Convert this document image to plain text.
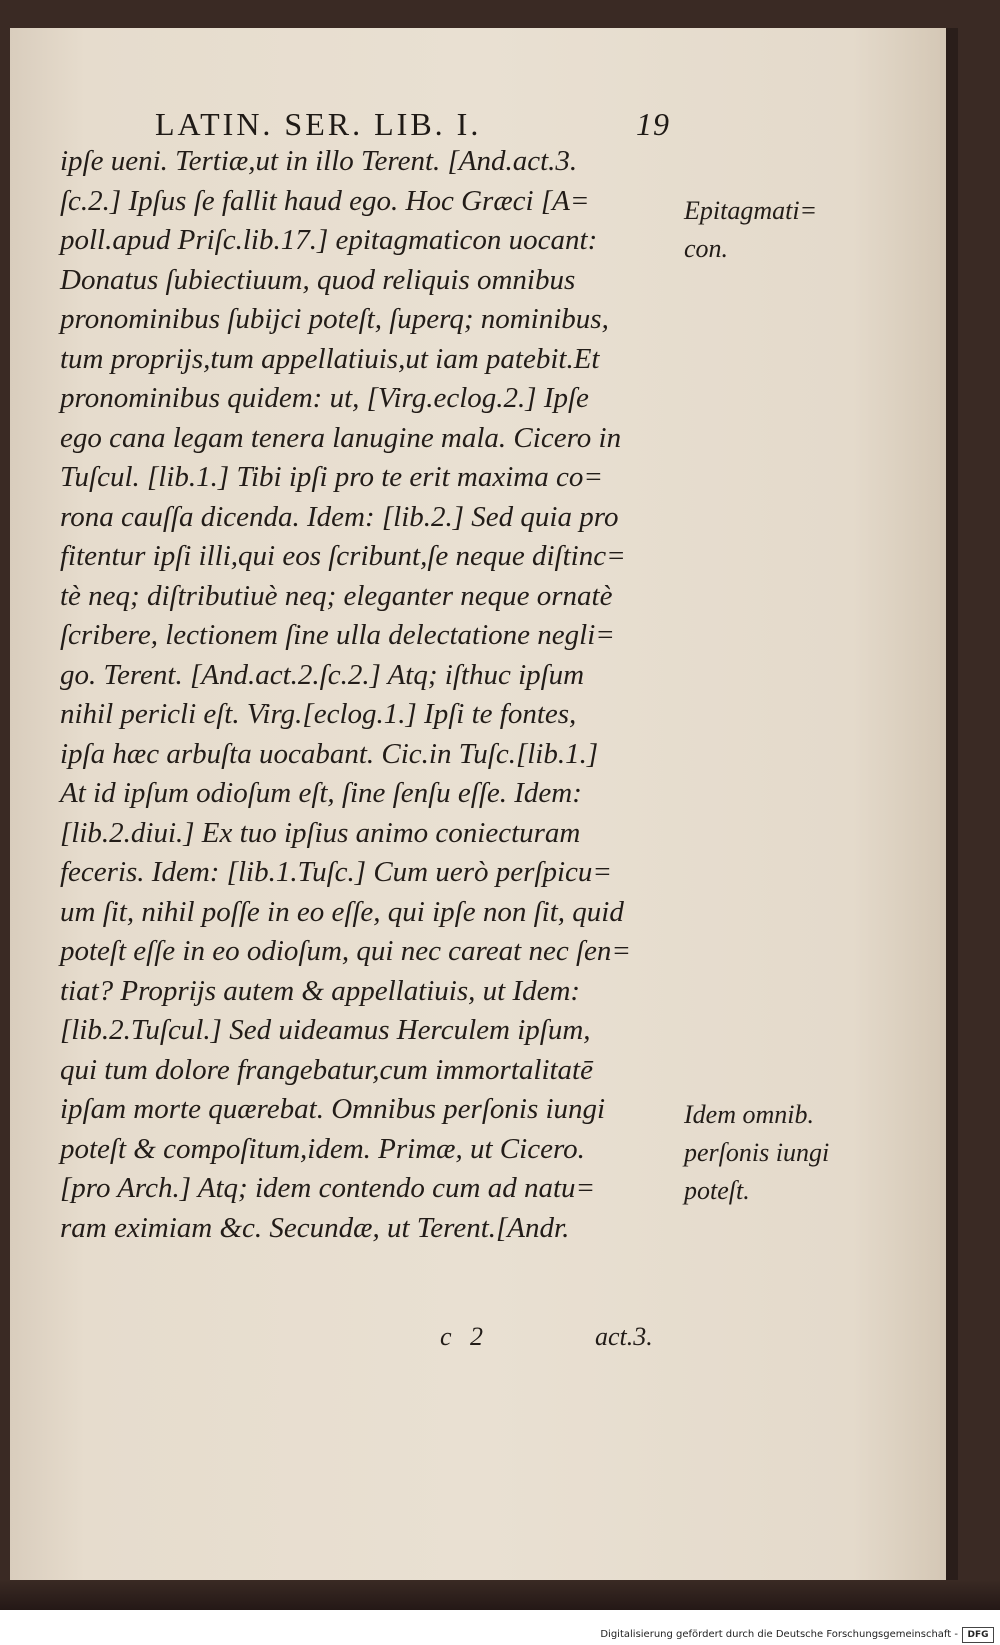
LATIN. SER. LIB. I.	19
ipſe ueni. Tertiæ,ut in illo Terent. [And.act.3.
ſc.2.] Ipſus ſe fallit haud ego. Hoc Græci [A=
poll.apud Priſc.lib.17.] epitagmaticon uocant:
Donatus ſubiectiuum, quod reliquis omnibus
pronominibus ſubijci poteſt, ſuperq; nominibus,
tum proprijs,tum appellatiuis,ut iam patebit.Et
pronominibus quidem: ut, [Virg.eclog.2.] Ipſe
ego cana legam tenera lanugine mala. Cicero in
Tuſcul. [lib.1.] Tibi ipſi pro te erit maxima co=
rona cauſſa dicenda. Idem: [lib.2.] Sed quia pro
fitentur ipſi illi,qui eos ſcribunt,ſe neque diſtinc=
tè neq; diſtributiuè neq; eleganter neque ornatè
ſcribere, lectionem ſine ulla delectatione negli=
go. Terent. [And.act.2.ſc.2.] Atq; iſthuc ipſum
nihil pericli eſt. Virg.[eclog.1.] Ipſi te fontes,
ipſa hæc arbuſta uocabant. Cic.in Tuſc.[lib.1.]
At id ipſum odioſum eſt, ſine ſenſu eſſe. Idem:
[lib.2.diui.] Ex tuo ipſius animo coniecturam
feceris. Idem: [lib.1.Tuſc.] Cum uerò perſpicu=
um ſit, nihil poſſe in eo eſſe, qui ipſe non ſit, quid
poteſt eſſe in eo odioſum, qui nec careat nec ſen=
tiat? Proprijs autem & appellatiuis, ut Idem:
[lib.2.Tuſcul.] Sed uideamus Herculem ipſum,
qui tum dolore frangebatur,cum immortalitatē
ipſam morte quærebat. Omnibus perſonis iungi
poteſt & compoſitum,idem. Primæ, ut Cicero.
[pro Arch.] Atq; idem contendo cum ad natu=
ram eximiam &c. Secundæ, ut Terent.[Andr.
Epitagmati=
con.
Idem omnib.
perſonis iungi
poteſt.
c 2	act.3.
Digitalisierung gefördert durch die Deutsche Forschungsgemeinschaft -	DFG
